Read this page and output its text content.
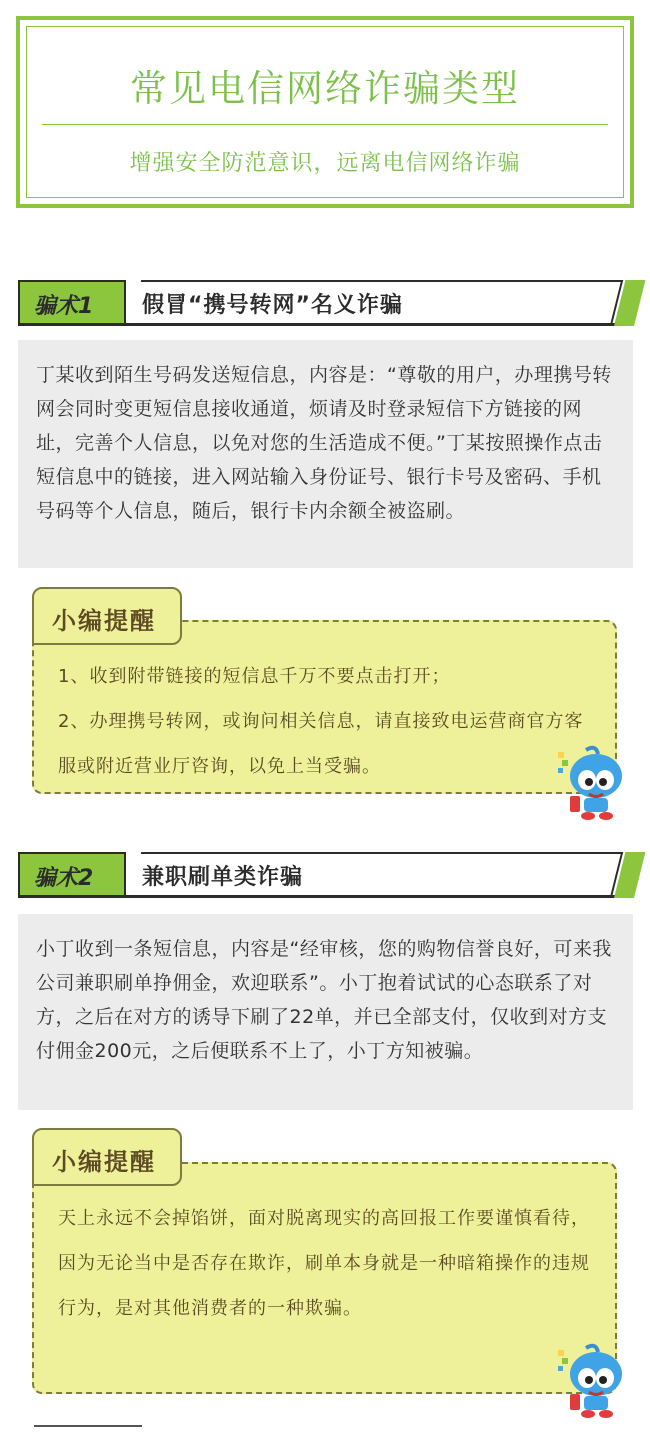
常见电信网络诈骗类型
增强安全防范意识，远离电信网络诈骗
骗术1 假冒“携号转网”名义诈骗
丁某收到陌生号码发送短信息，内容是：“尊敬的用户，办理携号转网会同时变更短信息接收通道，烦请及时登录短信下方链接的网址，完善个人信息，以免对您的生活造成不便。”丁某按照操作点击短信息中的链接，进入网站输入身份证号、银行卡号及密码、手机号码等个人信息，随后，银行卡内余额全被盗刷。
1、收到附带链接的短信息千万不要点击打开；
2、办理携号转网，或询问相关信息，请直接致电运营商官方客服或附近营业厅咨询，以免上当受骗。
小编提醒
骗术2 兼职刷单类诈骗
小丁收到一条短信息，内容是“经审核，您的购物信誉良好，可来我公司兼职刷单挣佣金，欢迎联系”。小丁抱着试试的心态联系了对方，之后在对方的诱导下刷了22单，并已全部支付，仅收到对方支付佣金200元，之后便联系不上了，小丁方知被骗。
天上永远不会掉馅饼，面对脱离现实的高回报工作要谨慎看待，因为无论当中是否存在欺诈，刷单本身就是一种暗箱操作的违规行为，是对其他消费者的一种欺骗。
小编提醒
